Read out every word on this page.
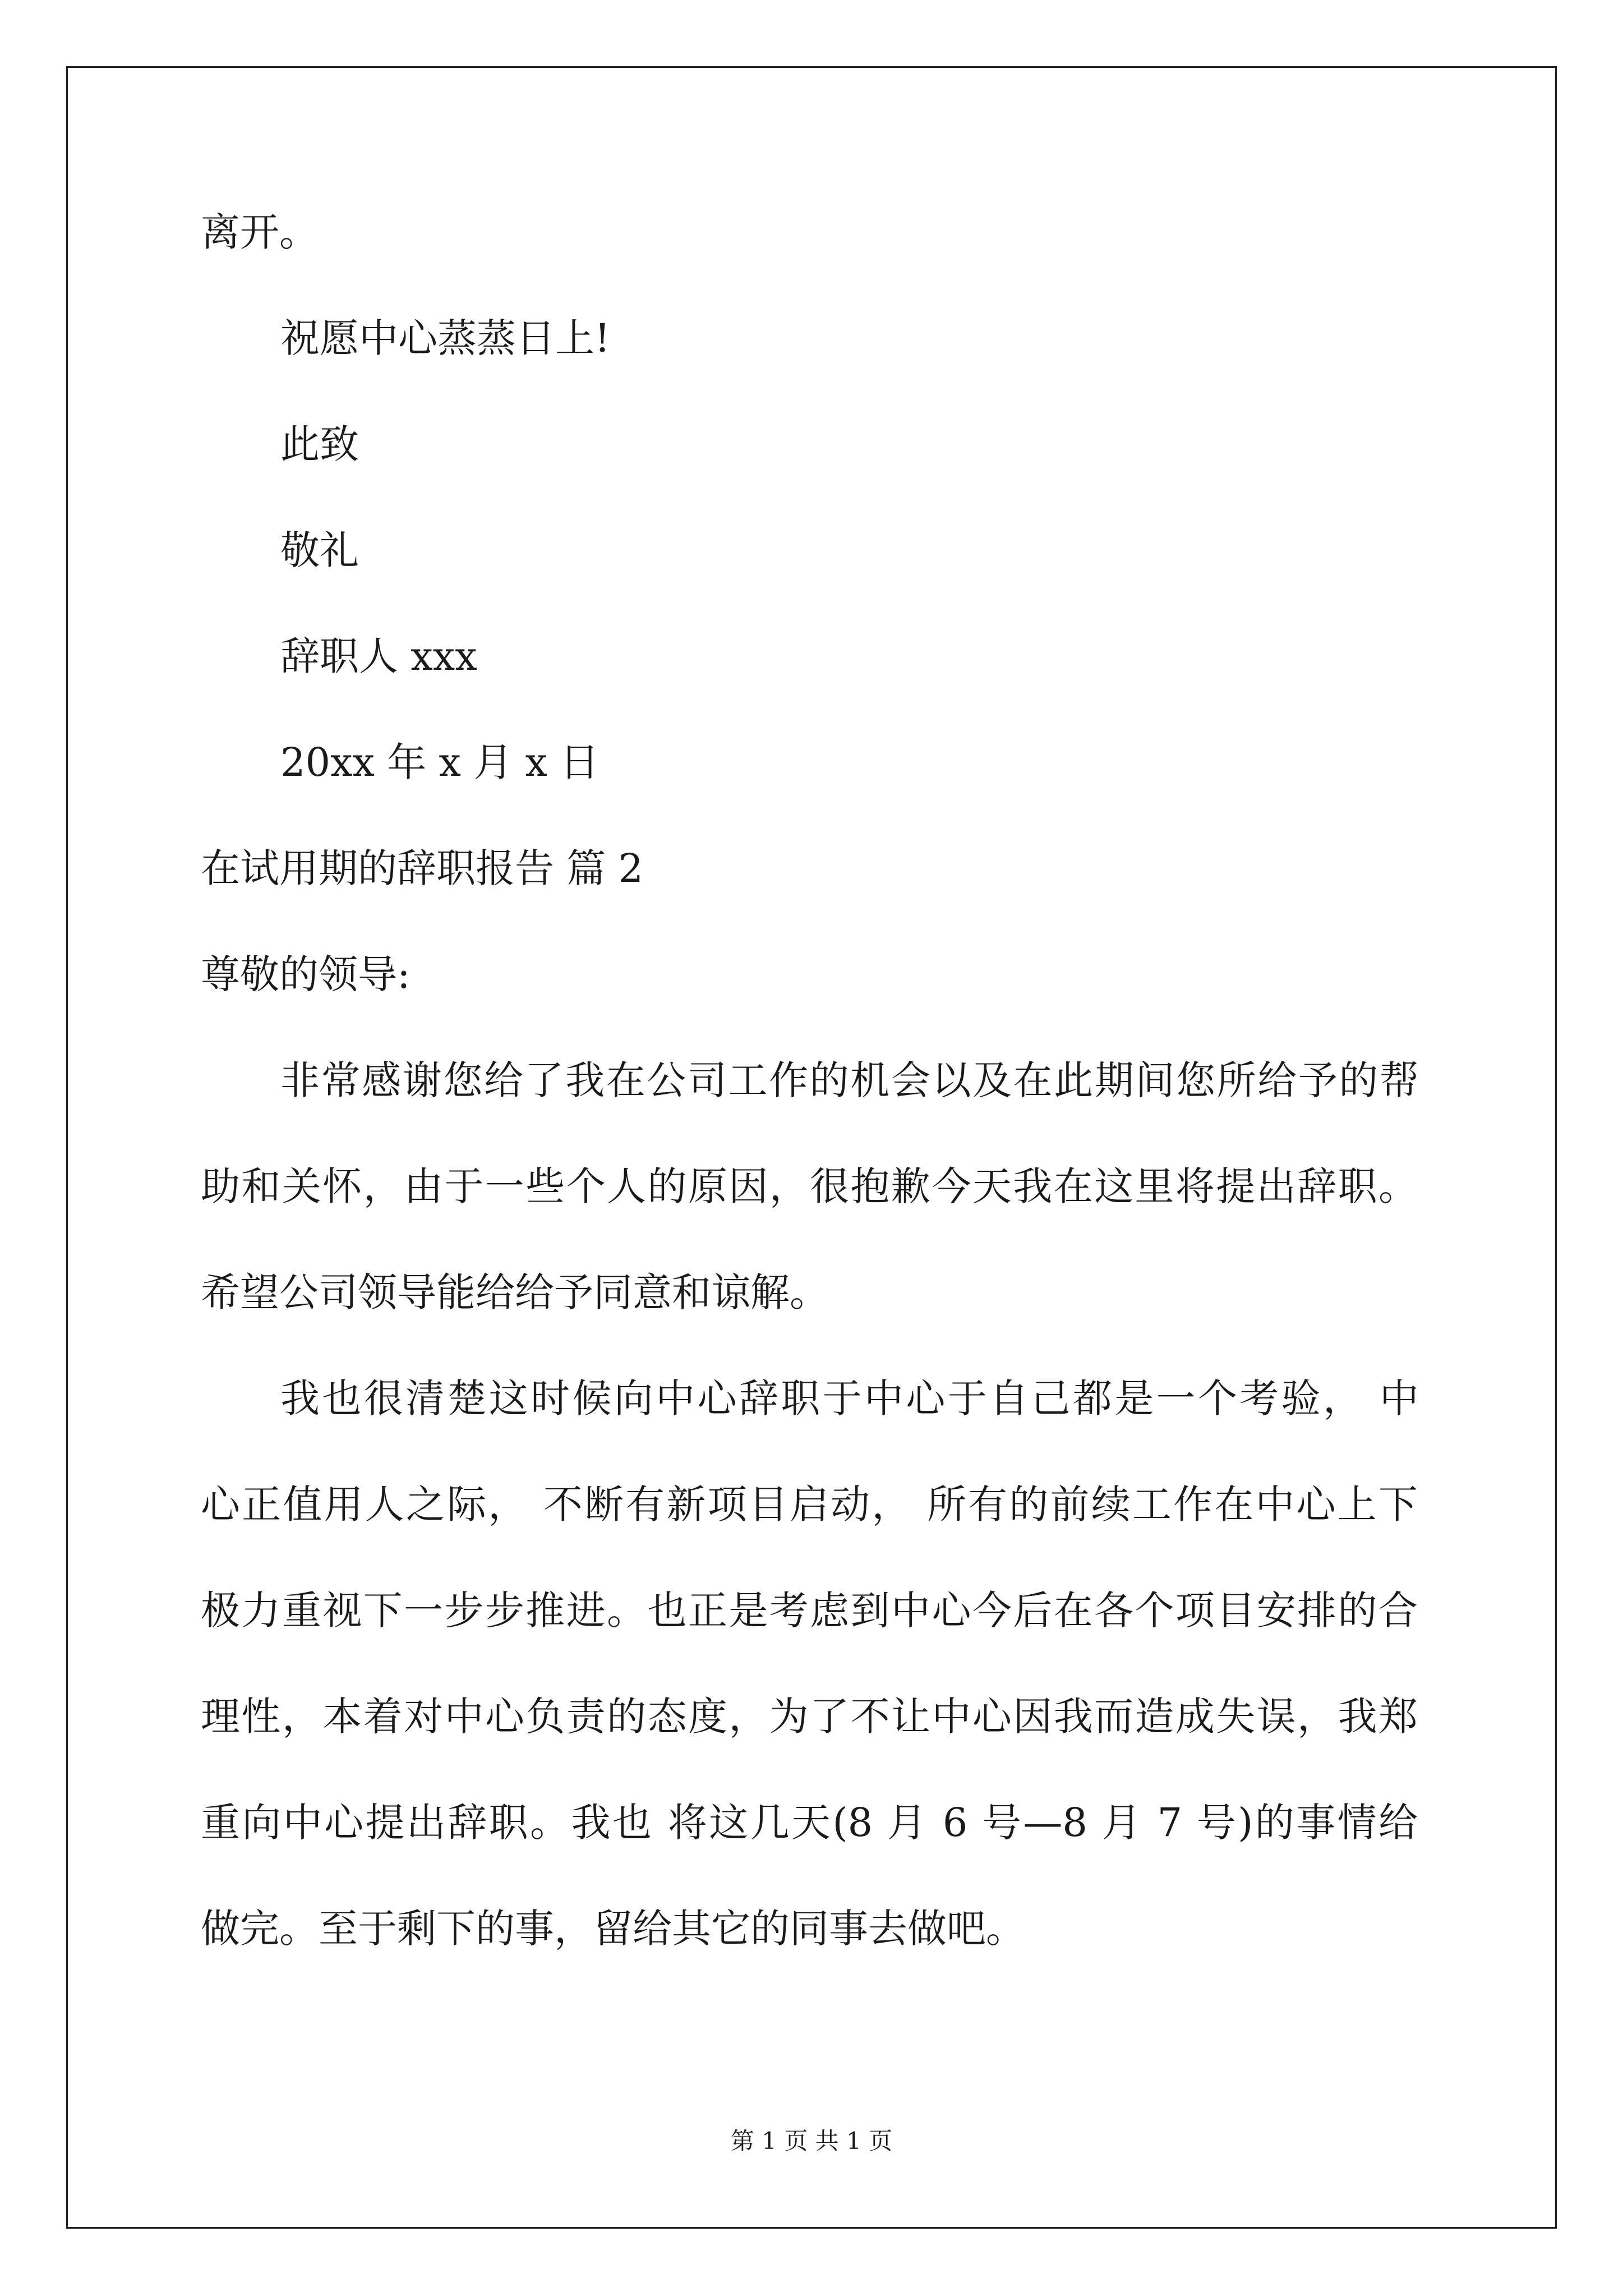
离开。
祝愿中心蒸蒸日上!
此致
敬礼
辞职人 xxx
20xx 年 x 月 x 日
在试用期的辞职报告 篇 2
尊敬的领导:
非常感谢您给了我在公司工作的机会以及在此期间您所给予的帮
助和关怀，由于一些个人的原因，很抱歉今天我在这里将提出辞职。
希望公司领导能给给予同意和谅解。
我也很清楚这时候向中心辞职于中心于自己都是一个考验， 中
心正值用人之际， 不断有新项目启动， 所有的前续工作在中心上下
极力重视下一步步推进。也正是考虑到中心今后在各个项目安排的合
理性，本着对中心负责的态度，为了不让中心因我而造成失误，我郑
重向中心提出辞职。我也 将这几天(8 月 6 号—8 月 7 号)的事情给
做完。至于剩下的事，留给其它的同事去做吧。
第 1 页 共 1 页
